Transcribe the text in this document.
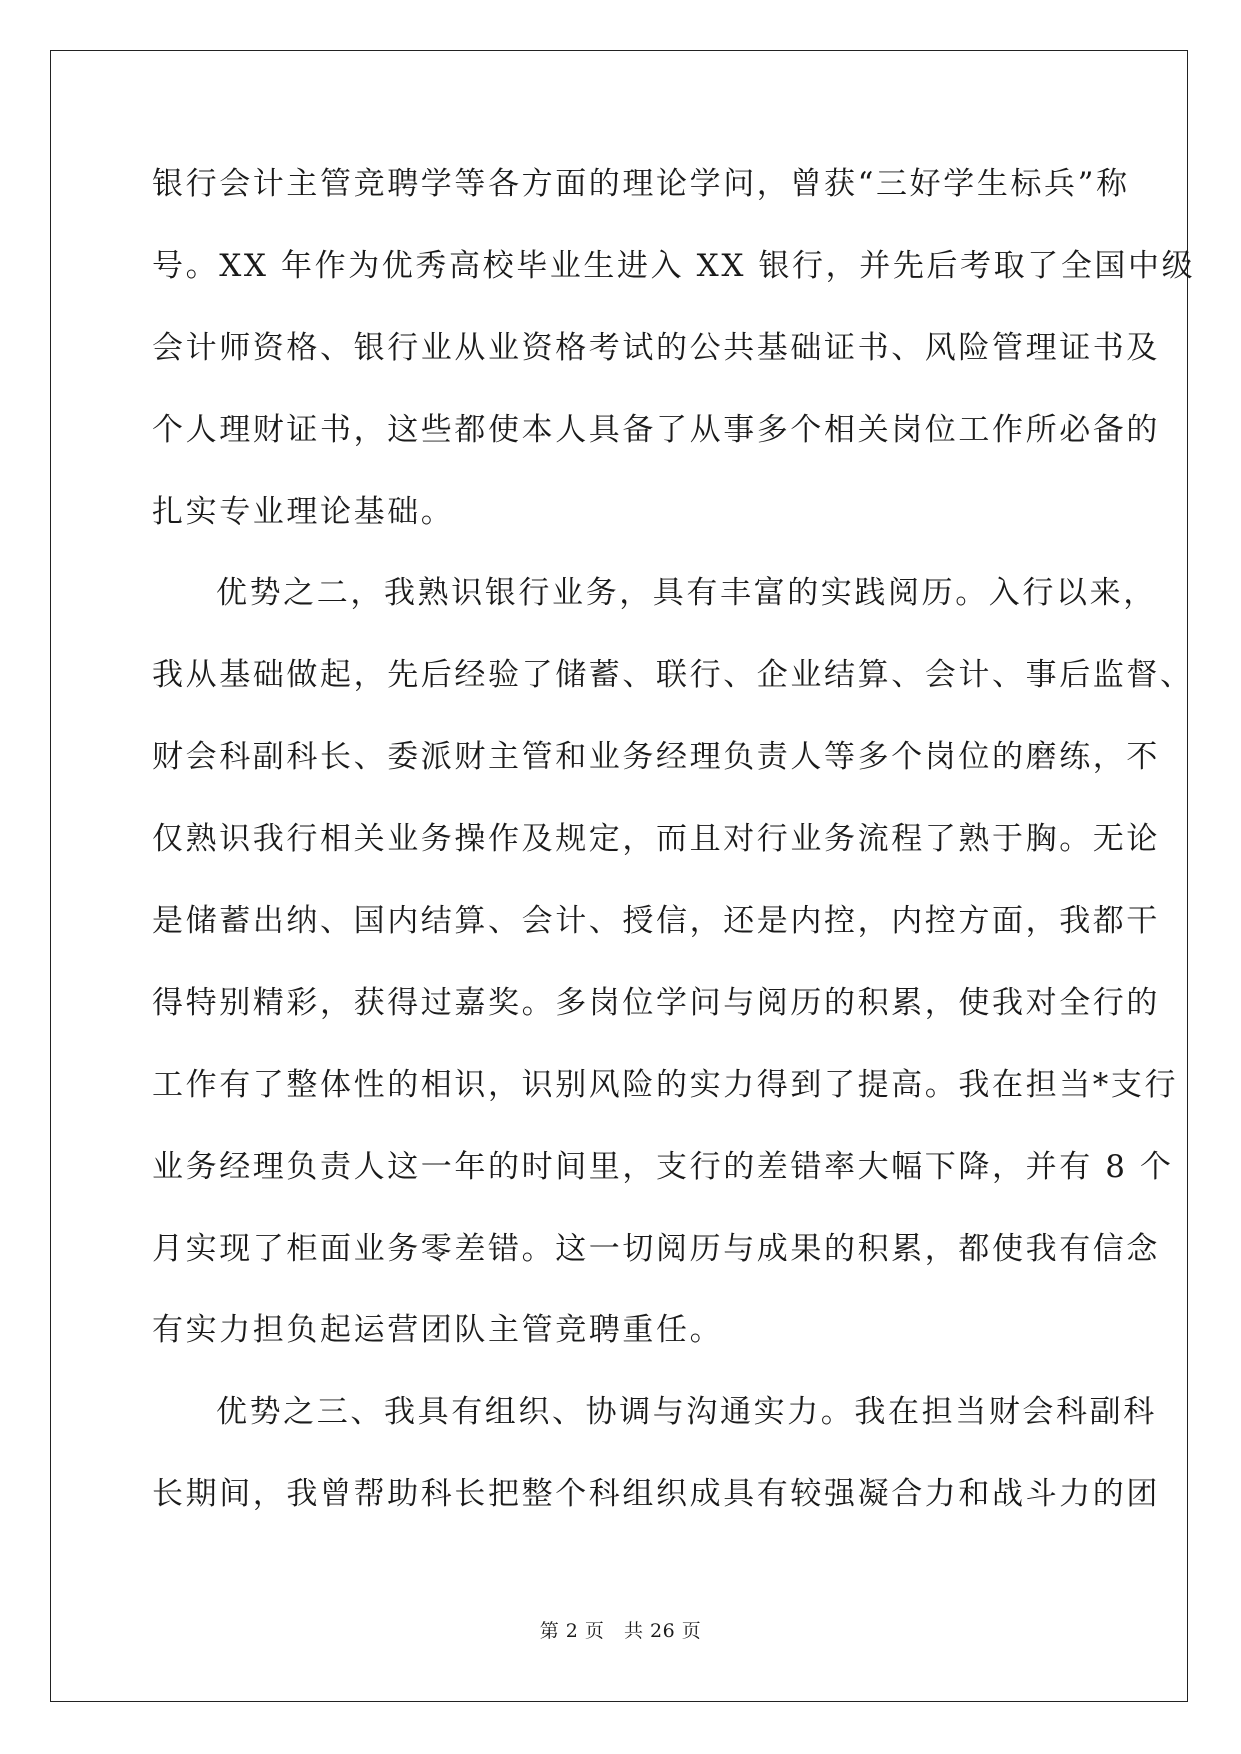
银行会计主管竞聘学等各方面的理论学问，曾获“三好学生标兵”称
号。XX 年作为优秀高校毕业生进入 XX 银行，并先后考取了全国中级
会计师资格、银行业从业资格考试的公共基础证书、风险管理证书及
个人理财证书，这些都使本人具备了从事多个相关岗位工作所必备的
扎实专业理论基础。
优势之二，我熟识银行业务，具有丰富的实践阅历。入行以来，
我从基础做起，先后经验了储蓄、联行、企业结算、会计、事后监督、
财会科副科长、委派财主管和业务经理负责人等多个岗位的磨练，不
仅熟识我行相关业务操作及规定，而且对行业务流程了熟于胸。无论
是储蓄出纳、国内结算、会计、授信，还是内控，内控方面，我都干
得特别精彩，获得过嘉奖。多岗位学问与阅历的积累，使我对全行的
工作有了整体性的相识，识别风险的实力得到了提高。我在担当*支行
业务经理负责人这一年的时间里，支行的差错率大幅下降，并有 8 个
月实现了柜面业务零差错。这一切阅历与成果的积累，都使我有信念
有实力担负起运营团队主管竞聘重任。
优势之三、我具有组织、协调与沟通实力。我在担当财会科副科
长期间，我曾帮助科长把整个科组织成具有较强凝合力和战斗力的团
第 2 页   共 26 页
